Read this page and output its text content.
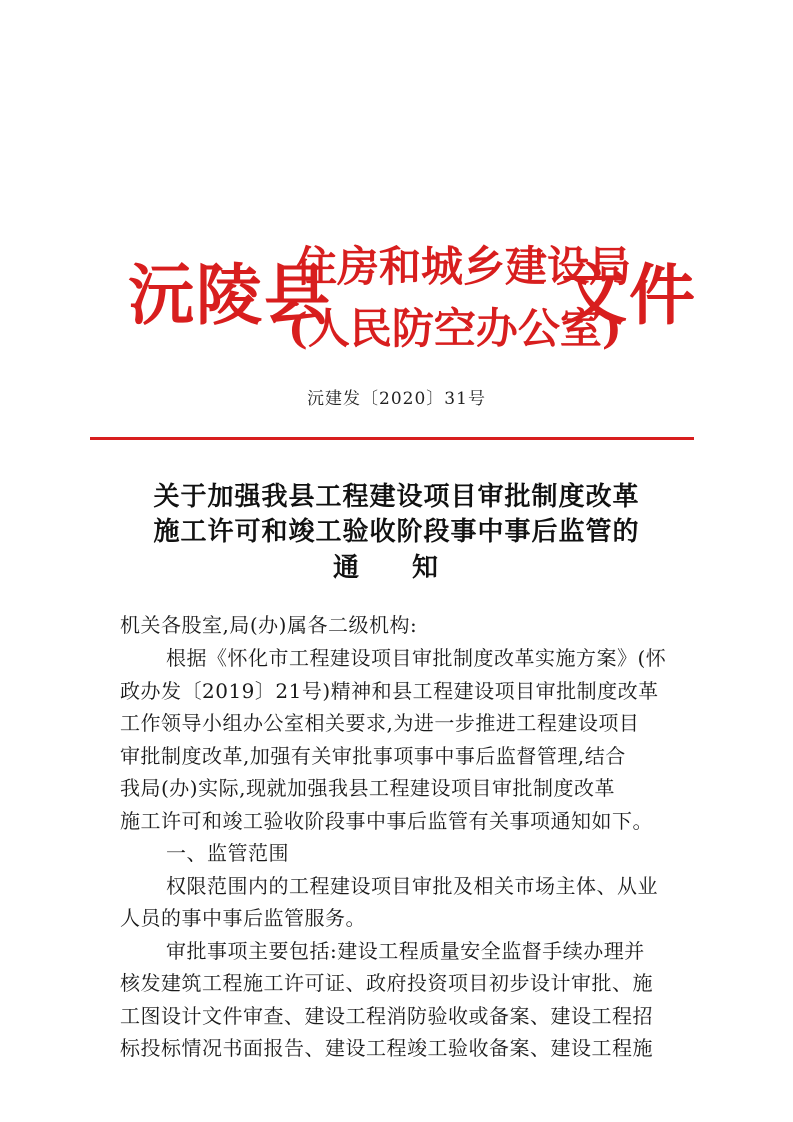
沅陵县
住房和城乡建设局
(人民防空办公室)
文件
沅建发〔2020〕31号
关于加强我县工程建设项目审批制度改革
施工许可和竣工验收阶段事中事后监管的
通 知
机关各股室,局(办)属各二级机构:
根据《怀化市工程建设项目审批制度改革实施方案》(怀
政办发〔2019〕21号)精神和县工程建设项目审批制度改革
工作领导小组办公室相关要求,为进一步推进工程建设项目
审批制度改革,加强有关审批事项事中事后监督管理,结合
我局(办)实际,现就加强我县工程建设项目审批制度改革
施工许可和竣工验收阶段事中事后监管有关事项通知如下。
一、监管范围
权限范围内的工程建设项目审批及相关市场主体、从业
人员的事中事后监管服务。
审批事项主要包括:建设工程质量安全监督手续办理并
核发建筑工程施工许可证、政府投资项目初步设计审批、施
工图设计文件审查、建设工程消防验收或备案、建设工程招
标投标情况书面报告、建设工程竣工验收备案、建设工程施
